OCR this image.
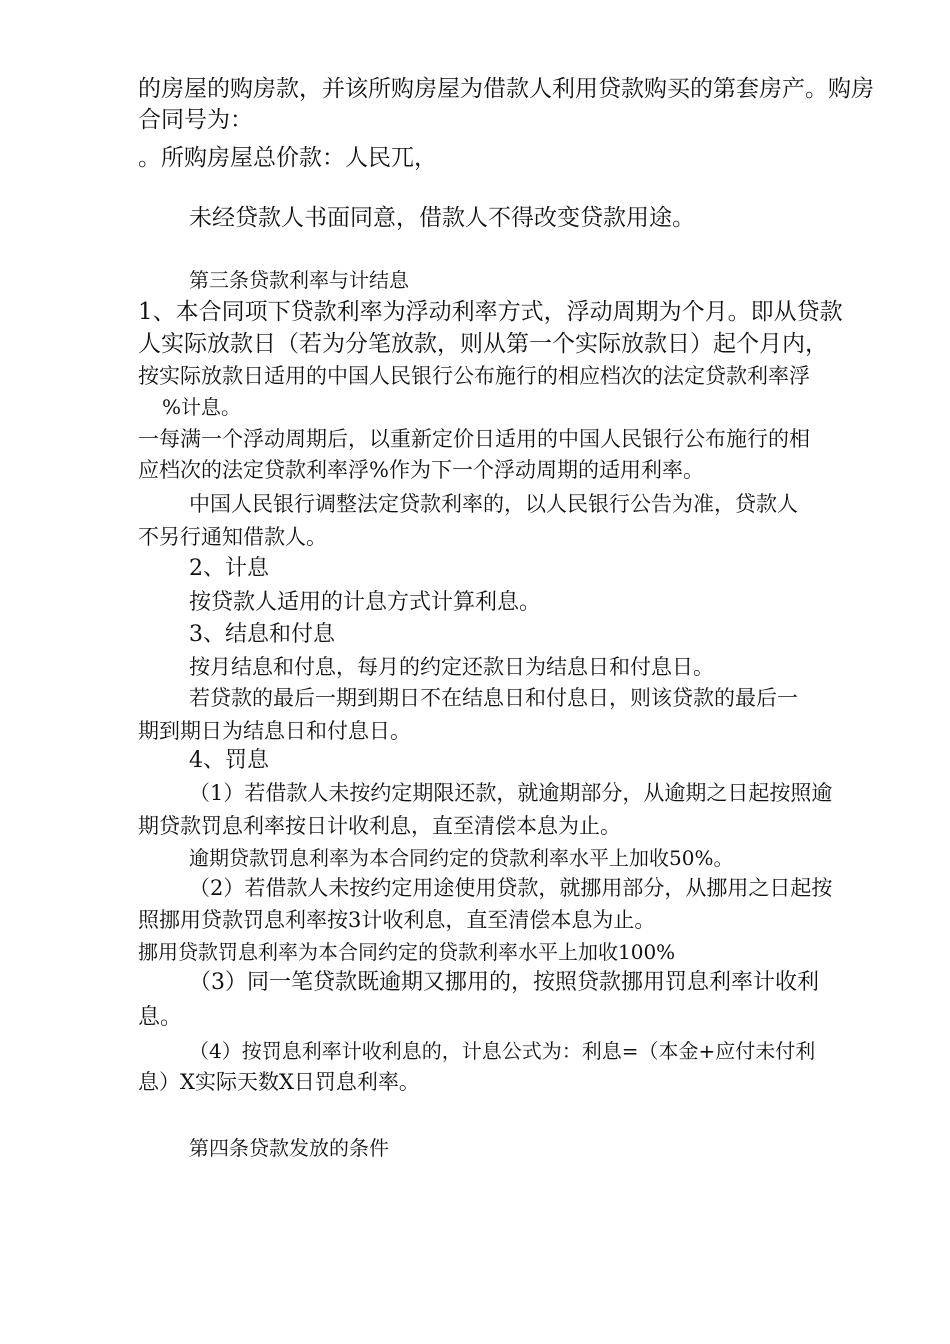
的房屋的购房款，并该所购房屋为借款人利用贷款购买的第套房产。购房
合同号为：
。所购房屋总价款：人民兀，
未经贷款人书面同意，借款人不得改变贷款用途。
第三条贷款利率与计结息
1、本合同项下贷款利率为浮动利率方式，浮动周期为个月。即从贷款
人实际放款日（若为分笔放款，则从第一个实际放款日）起个月内，
按实际放款日适用的中国人民银行公布施行的相应档次的法定贷款利率浮
%计息。
一每满一个浮动周期后，以重新定价日适用的中国人民银行公布施行的相
应档次的法定贷款利率浮%作为下一个浮动周期的适用利率。
中国人民银行调整法定贷款利率的，以人民银行公告为准，贷款人
不另行通知借款人。
2、计息
按贷款人适用的计息方式计算利息。
3、结息和付息
按月结息和付息，每月的约定还款日为结息日和付息日。
若贷款的最后一期到期日不在结息日和付息日，则该贷款的最后一
期到期日为结息日和付息日。
4、罚息
（1）若借款人未按约定期限还款，就逾期部分，从逾期之日起按照逾
期贷款罚息利率按日计收利息，直至清偿本息为止。
逾期贷款罚息利率为本合同约定的贷款利率水平上加收50%。
（2）若借款人未按约定用途使用贷款，就挪用部分，从挪用之日起按
照挪用贷款罚息利率按3计收利息，直至清偿本息为止。
挪用贷款罚息利率为本合同约定的贷款利率水平上加收100%
（3）同一笔贷款既逾期又挪用的，按照贷款挪用罚息利率计收利
息。
（4）按罚息利率计收利息的，计息公式为：利息=（本金+应付未付利
息）X实际天数X日罚息利率。
第四条贷款发放的条件
